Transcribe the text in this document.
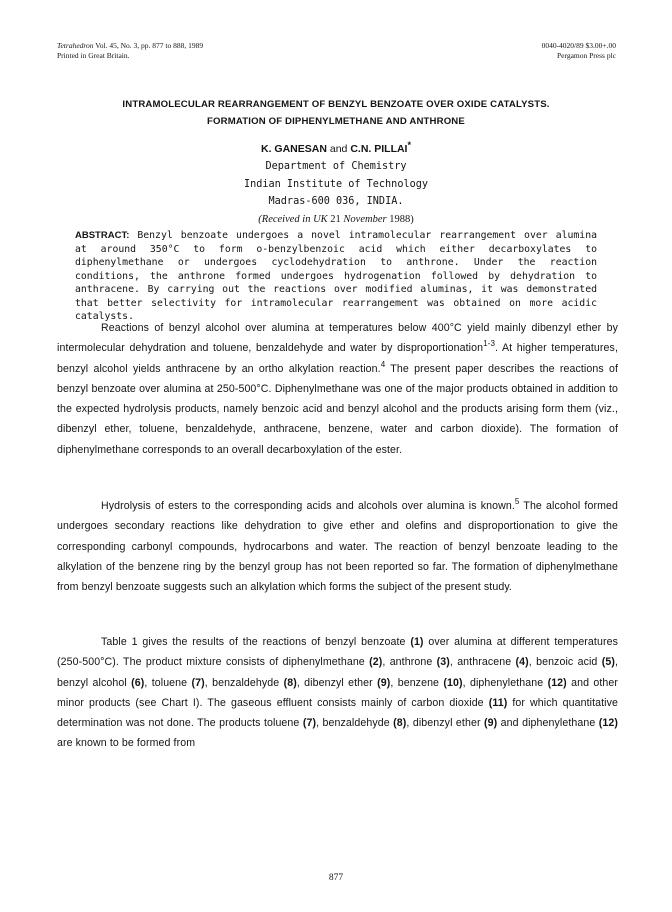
Tetrahedron Vol. 45, No. 3, pp. 877 to 888, 1989
Printed in Great Britain.
0040-4020/89 $3.00+.00
Pergamon Press plc
INTRAMOLECULAR REARRANGEMENT OF BENZYL BENZOATE OVER OXIDE CATALYSTS.
FORMATION OF DIPHENYLMETHANE AND ANTHRONE
K. GANESAN and C.N. PILLAI*
Department of Chemistry
Indian Institute of Technology
Madras-600 036, INDIA.
(Received in UK 21 November 1988)
ABSTRACT: Benzyl benzoate undergoes a novel intramolecular rearrangement over alumina at around 350°C to form o-benzylbenzoic acid which either decarboxylates to diphenylmethane or undergoes cyclodehydration to anthrone. Under the reaction conditions, the anthrone formed undergoes hydrogenation followed by dehydration to anthracene. By carrying out the reactions over modified aluminas, it was demonstrated that better selectivity for intramolecular rearrangement was obtained on more acidic catalysts.
Reactions of benzyl alcohol over alumina at temperatures below 400°C yield mainly dibenzyl ether by intermolecular dehydration and toluene, benzaldehyde and water by disproportionation$^{1-3}$. At higher temperatures, benzyl alcohol yields anthracene by an ortho alkylation reaction.$^4$ The present paper describes the reactions of benzyl benzoate over alumina at 250-500°C. Diphenylmethane was one of the major products obtained in addition to the expected hydrolysis products, namely benzoic acid and benzyl alcohol and the products arising form them (viz., dibenzyl ether, toluene, benzaldehyde, anthracene, benzene, water and carbon dioxide). The formation of diphenylmethane corresponds to an overall decarboxylation of the ester.
Hydrolysis of esters to the corresponding acids and alcohols over alumina is known.$^5$ The alcohol formed undergoes secondary reactions like dehydration to give ether and olefins and disproportionation to give the corresponding carbonyl compounds, hydrocarbons and water. The reaction of benzyl benzoate leading to the alkylation of the benzene ring by the benzyl group has not been reported so far. The formation of diphenylmethane from benzyl benzoate suggests such an alkylation which forms the subject of the present study.
Table 1 gives the results of the reactions of benzyl benzoate (1) over alumina at different temperatures (250-500°C). The product mixture consists of diphenylmethane (2), anthrone (3), anthracene (4), benzoic acid (5), benzyl alcohol (6), toluene (7), benzaldehyde (8), dibenzyl ether (9), benzene (10), diphenylethane (12) and other minor products (see Chart I). The gaseous effluent consists mainly of carbon dioxide (11) for which quantitative determination was not done. The products toluene (7), benzaldehyde (8), dibenzyl ether (9) and diphenylethane (12) are known to be formed from
877
